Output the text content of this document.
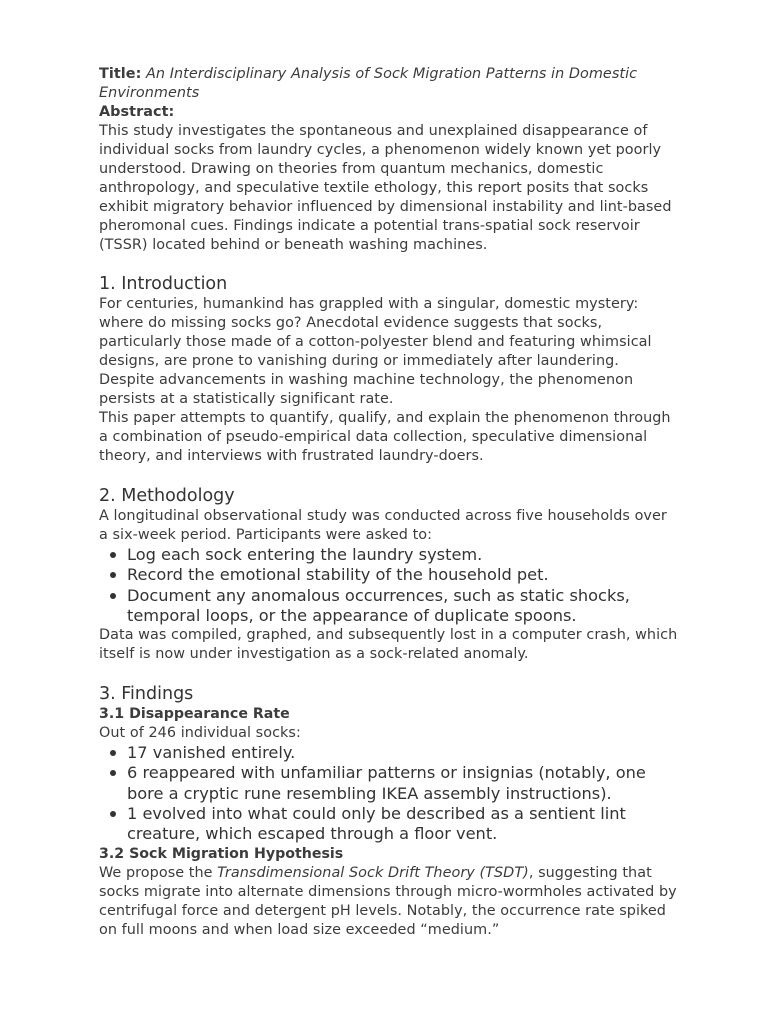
Title: An Interdisciplinary Analysis of Sock Migration Patterns in Domestic Environments

Abstract:

This study investigates the spontaneous and unexplained disappearance of individual socks from laundry cycles, a phenomenon widely known yet poorly understood. Drawing on theories from quantum mechanics, domestic anthropology, and speculative textile ethology, this report posits that socks exhibit migratory behavior influenced by dimensional instability and lint-based pheromonal cues. Findings indicate a potential trans-spatial sock reservoir (TSSR) located behind or beneath washing machines.

1. Introduction

For centuries, humankind has grappled with a singular, domestic mystery: where do missing socks go? Anecdotal evidence suggests that socks, particularly those made of a cotton-polyester blend and featuring whimsical designs, are prone to vanishing during or immediately after laundering. Despite advancements in washing machine technology, the phenomenon persists at a statistically significant rate.

This paper attempts to quantify, qualify, and explain the phenomenon through a combination of pseudo-empirical data collection, speculative dimensional theory, and interviews with frustrated laundry-doers.

2. Methodology

A longitudinal observational study was conducted across five households over a six-week period. Participants were asked to:

Log each sock entering the laundry system.
Record the emotional stability of the household pet.
Document any anomalous occurrences, such as static shocks, temporal loops, or the appearance of duplicate spoons.

Data was compiled, graphed, and subsequently lost in a computer crash, which itself is now under investigation as a sock-related anomaly.

3. Findings
3.1 Disappearance Rate

Out of 246 individual socks:

17 vanished entirely.
6 reappeared with unfamiliar patterns or insignias (notably, one bore a cryptic rune resembling IKEA assembly instructions).
1 evolved into what could only be described as a sentient lint creature, which escaped through a floor vent.
3.2 Sock Migration Hypothesis

We propose the Transdimensional Sock Drift Theory (TSDT), suggesting that socks migrate into alternate dimensions through micro-wormholes activated by centrifugal force and detergent pH levels. Notably, the occurrence rate spiked on full moons and when load size exceeded “medium.”
